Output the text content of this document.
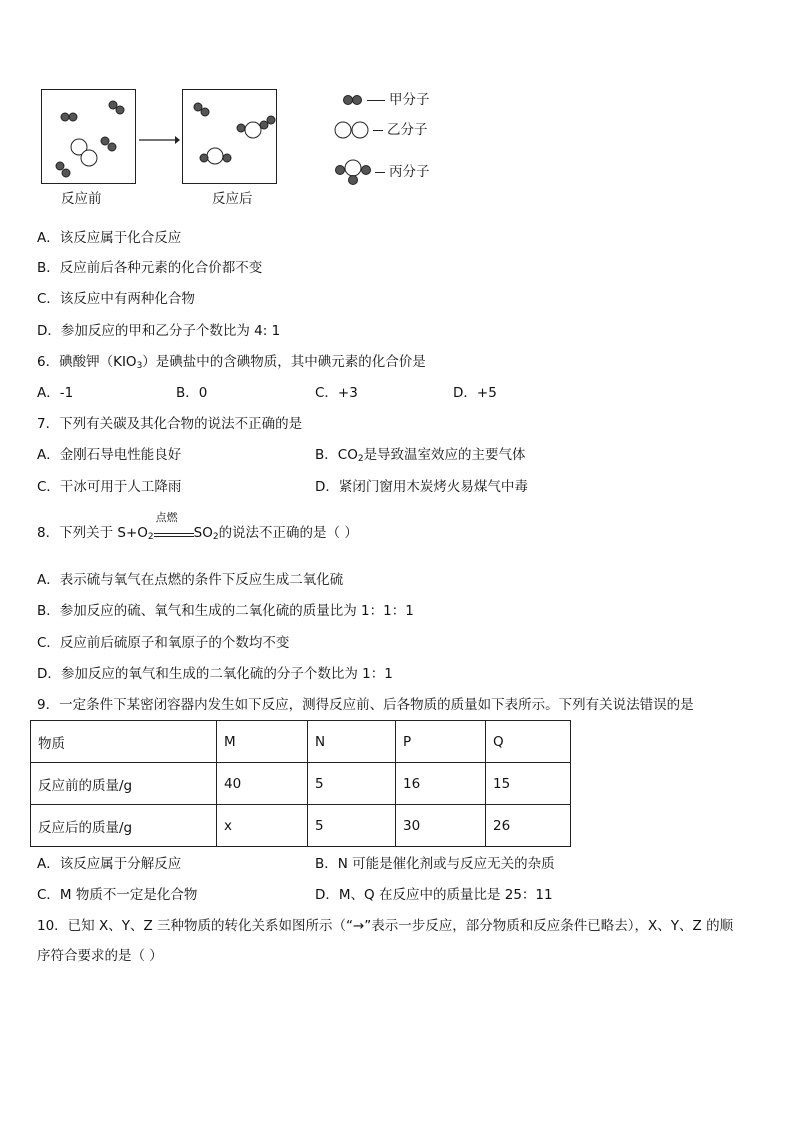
反应前	反应后
甲分子
乙分子
丙分子
A．该反应属于化合反应
B．反应前后各种元素的化合价都不变
C．该反应中有两种化合物
D．参加反应的甲和乙分子个数比为 4: 1
6．碘酸钾$(KIO_3)$是碘盐中的含碘物质，其中碘元素的化合价是
A．-1	B．0	C．+3	D．+5
7．下列有关碳及其化合物的说法不正确的是
A．金刚石导电性能良好	B．$CO_2$是导致温室效应的主要气体
C．干冰可用于人工降雨	D．紧闭门窗用木炭烤火易煤气中毒
8．下列关于 $S+O_2$
点燃
$SO_2$的说法不正确的是（ ）
A．表示硫与氧气在点燃的条件下反应生成二氧化硫
B．参加反应的硫、氧气和生成的二氧化硫的质量比为 1：1：1
C．反应前后硫原子和氧原子的个数均不变
D．参加反应的氧气和生成的二氧化硫的分子个数比为 1：1
9．一定条件下某密闭容器内发生如下反应，测得反应前、后各物质的质量如下表所示。下列有关说法错误的是
物质	M	N	P	Q
反应前的质量/g	40	5	16	15
反应后的质量/g	x	5	30	26
A．该反应属于分解反应	B．N 可能是催化剂或与反应无关的杂质
C．M 物质不一定是化合物	D．M、Q 在反应中的质量比是 25：11
10．已知 X、Y、Z 三种物质的转化关系如图所示（“→”表示一步反应，部分物质和反应条件已略去），X、Y、Z 的顺
序符合要求的是（ ）
